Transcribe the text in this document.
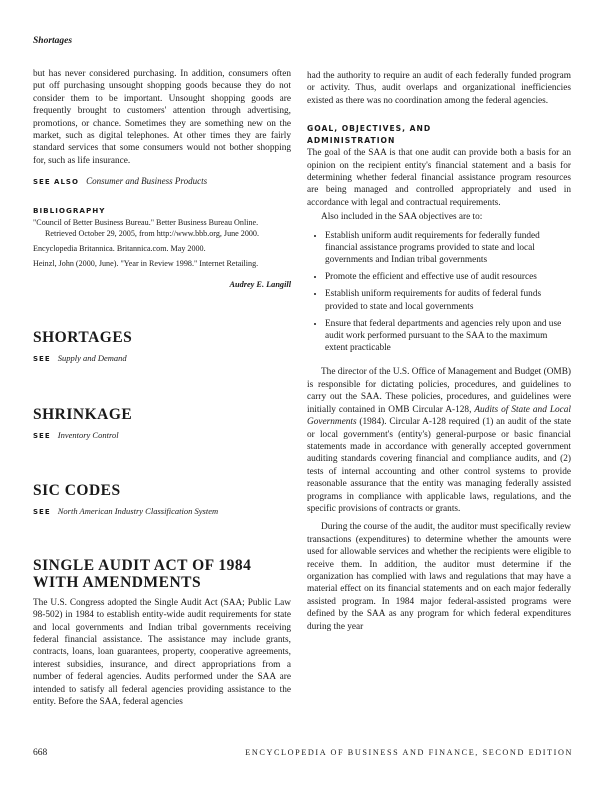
Shortages

but has never considered purchasing. In addition, consumers often put off purchasing unsought shopping goods because they do not consider them to be important. Unsought shopping goods are frequently brought to customers' attention through advertising, promotions, or chance. Sometimes they are something new on the market, such as digital telephones. At other times they are fairly standard services that some consumers would not bother shopping for, such as life insurance.

SEE ALSO Consumer and Business Products
BIBLIOGRAPHY

"Council of Better Business Bureau." Better Business Bureau Online. Retrieved October 29, 2005, from http://www.bbb.org, June 2000.

Encyclopedia Britannica. Britannica.com. May 2000.

Heinzl, John (2000, June). "Year in Review 1998." Internet Retailing.

Audrey E. Langill
SHORTAGES
SEE Supply and Demand
SHRINKAGE
SEE Inventory Control
SIC CODES
SEE North American Industry Classification System
SINGLE AUDIT ACT OF 1984 WITH AMENDMENTS

The U.S. Congress adopted the Single Audit Act (SAA; Public Law 98-502) in 1984 to establish entity-wide audit requirements for state and local governments and Indian tribal governments receiving federal financial assistance. The assistance may include grants, contracts, loans, loan guarantees, property, cooperative agreements, interest subsidies, insurance, and direct appropriations from a number of federal agencies. Audits performed under the SAA are intended to satisfy all federal agencies providing assistance to the entity. Before the SAA, federal agencies

had the authority to require an audit of each federally funded program or activity. Thus, audit overlaps and organizational inefficiencies existed as there was no coordination among the federal agencies.

GOAL, OBJECTIVES, AND ADMINISTRATION

The goal of the SAA is that one audit can provide both a basis for an opinion on the recipient entity's financial statement and a basis for determining whether federal financial assistance program resources are being managed and controlled appropriately and used in accordance with legal and contractual requirements.

Also included in the SAA objectives are to:

• Establish uniform audit requirements for federally funded financial assistance programs provided to state and local governments and Indian tribal governments
• Promote the efficient and effective use of audit resources
• Establish uniform requirements for audits of federal funds provided to state and local governments
• Ensure that federal departments and agencies rely upon and use audit work performed pursuant to the SAA to the maximum extent practicable

The director of the U.S. Office of Management and Budget (OMB) is responsible for dictating policies, procedures, and guidelines to carry out the SAA. These policies, procedures, and guidelines were initially contained in OMB Circular A-128, Audits of State and Local Governments (1984). Circular A-128 required (1) an audit of the state or local government's (entity's) general-purpose or basic financial statements made in accordance with generally accepted government auditing standards covering financial and compliance audits, and (2) tests of internal accounting and other control systems to provide reasonable assurance that the entity was managing federally assisted programs in compliance with applicable laws, regulations, and the specific provisions of contracts or grants.

During the course of the audit, the auditor must specifically review transactions (expenditures) to determine whether the amounts were used for allowable services and whether the recipients were eligible to receive them. In addition, the auditor must determine if the organization has complied with laws and regulations that may have a material effect on its financial statements and on each major federally assisted program. In 1984 major federal-assisted programs were defined by the SAA as any program for which federal expenditures during the year

668	ENCYCLOPEDIA OF BUSINESS AND FINANCE, SECOND EDITION
